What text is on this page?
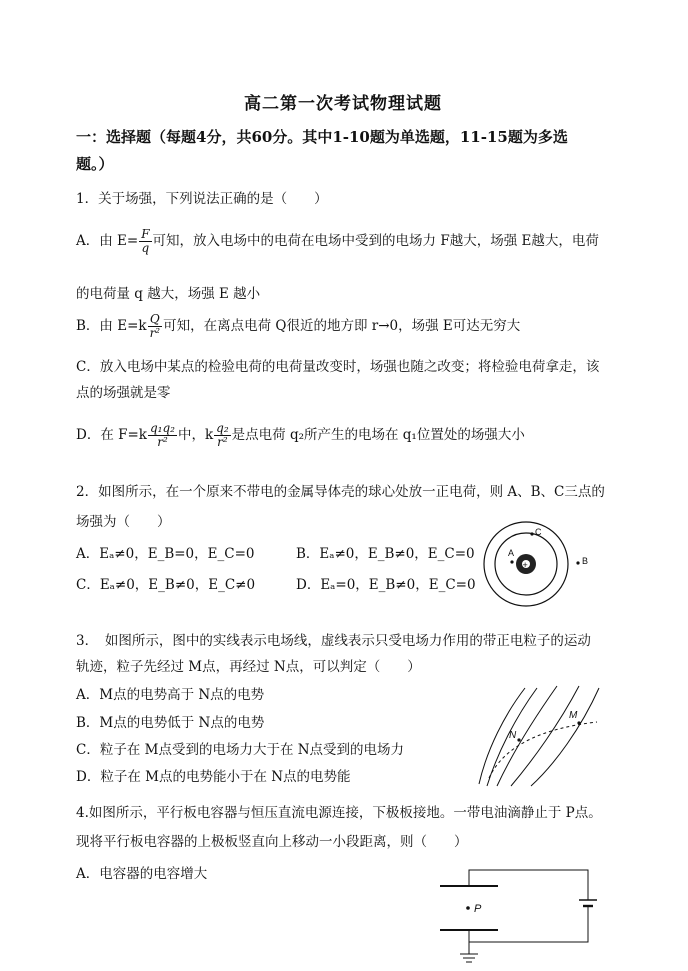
高二第一次考试物理试题
一：选择题（每题4分，共60分。其中1-10题为单选题，11-15题为多选
题。）
1．关于场强，下列说法正确的是（　　）
A．由 $E= \frac{F}{q}$ 可知，放入电场中的电荷在电场中受到的电场力 F越大，场强 E越大，电荷
的电荷量 q 越大，场强 E 越小
B．由 $E=k \frac{Q}{\text{r²}}$ 可知，在离点电荷 Q很近的地方即 r→0，场强 E可达无穷大
C．放入电场中某点的检验电荷的电荷量改变时，场强也随之改变；将检验电荷拿走，该
点的场强就是零
D．在 $F=k \frac{\text{q₁q₂}}{\text{r²}}$ 中，k $\frac{\text{q₂}}{\text{r²}}$ 是点电荷 q₂所产生的电场在 q₁位置处的场强大小
2．如图所示，在一个原来不带电的金属导体壳的球心处放一正电荷，则 A、B、C三点的
场强为（　　）
A．Eₐ≠0，E_B=0，E_C=0	B．Eₐ≠0，E_B≠0，E_C=0
C．Eₐ≠0，E_B≠0，E_C≠0	D．Eₐ=0，E_B≠0，E_C=0
+
A
C
B
3．　如图所示，图中的实线表示电场线，虚线表示只受电场力作用的带正电粒子的运动
轨迹，粒子先经过 M点，再经过 N点，可以判定（　　）
A．M点的电势高于 N点的电势
B．M点的电势低于 N点的电势
C．粒子在 M点受到的电场力大于在 N点受到的电场力
D．粒子在 M点的电势能小于在 N点的电势能
N
M
4.如图所示，平行板电容器与恒压直流电源连接，下极板接地。一带电油滴静止于 P点。
现将平行板电容器的上极板竖直向上移动一小段距离，则（　　）
A．电容器的电容增大
P
